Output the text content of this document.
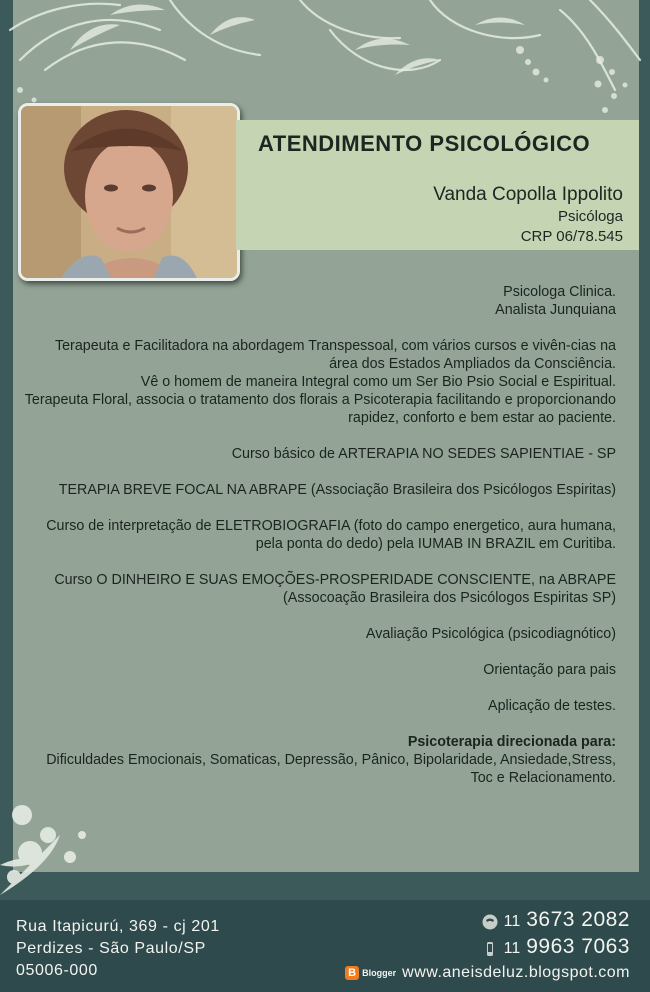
ATENDIMENTO PSICOLÓGICO
Vanda Copolla Ippolito
Psicóloga
CRP 06/78.545

Psicologa Clinica.
Analista Junquiana

Terapeuta e Facilitadora na abordagem Transpessoal, com vários cursos e vivên-cias na área dos Estados Ampliados da Consciência.

Vê o homem de maneira Integral como um Ser Bio Psio Social e Espiritual.

Terapeuta Floral, associa o tratamento dos florais a Psicoterapia facilitando e proporcionando rapidez, conforto e bem estar ao paciente.

Curso básico de ARTERAPIA NO SEDES SAPIENTIAE - SP

TERAPIA BREVE FOCAL NA ABRAPE (Associação Brasileira dos Psicólogos Espiritas)

Curso de interpretação de ELETROBIOGRAFIA (foto do campo energetico, aura humana, pela ponta do dedo) pela IUMAB IN BRAZIL em Curitiba.

Curso O DINHEIRO E SUAS EMOÇÕES-PROSPERIDADE CONSCIENTE, na ABRAPE (Assocoação Brasileira dos Psicólogos Espiritas SP)

Avaliação Psicológica (psicodiagnótico)

Orientação para pais

Aplicação de testes.

Psicoterapia direcionada para:
Dificuldades Emocionais, Somaticas, Depressão, Pânico, Bipolaridade, Ansiedade,Stress, Toc e Relacionamento.

Rua Itapicurú, 369 - cj 201
Perdizes - São Paulo/SP
05006-000
11 3673 2082
11 9963 7063
B Blogger www.aneisdeluz.blogspot.com
